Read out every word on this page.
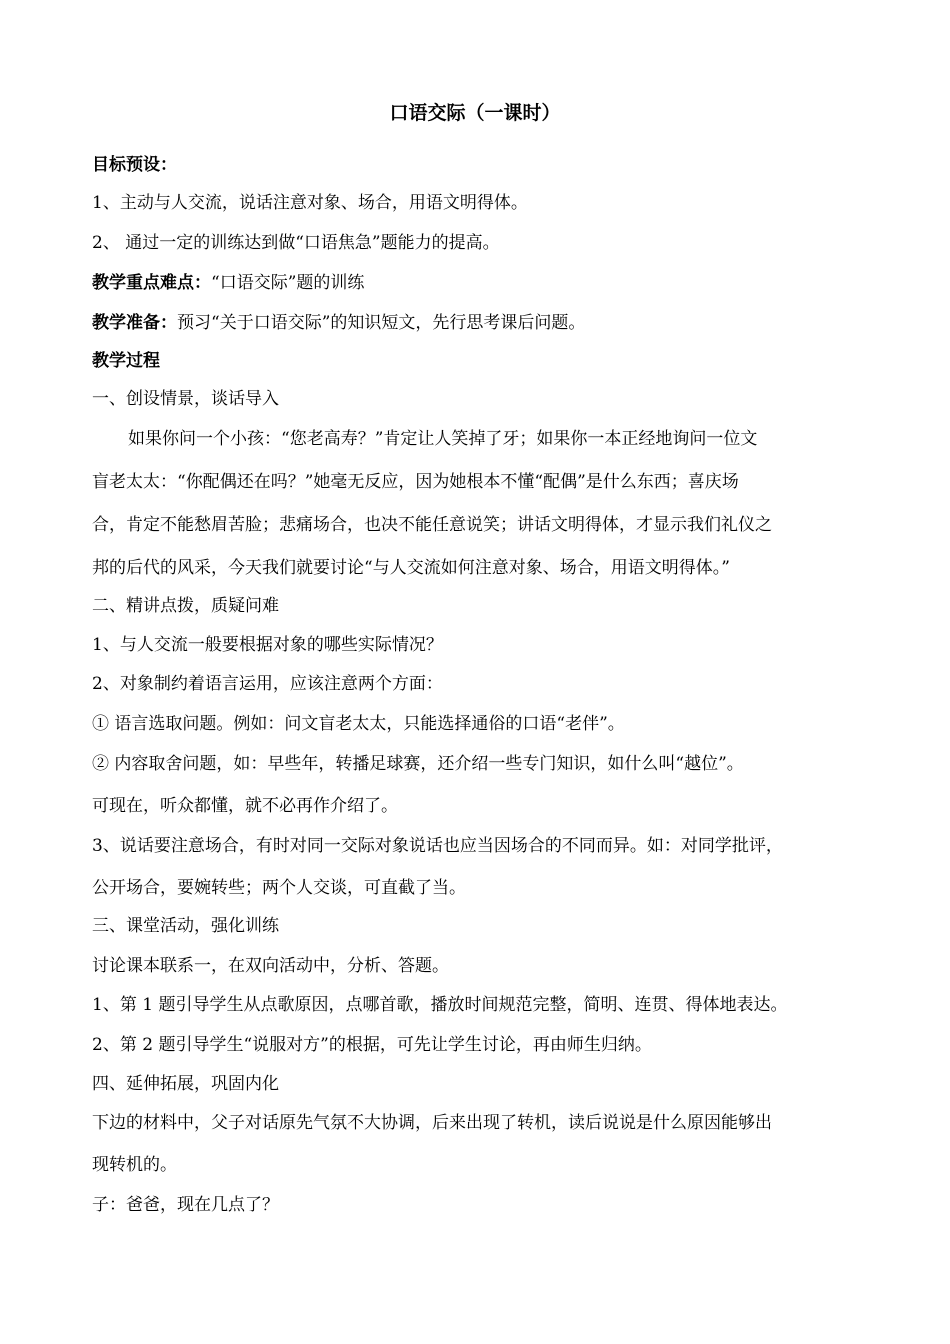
口语交际（一课时）
目标预设：
1、主动与人交流，说话注意对象、场合，用语文明得体。
2、 通过一定的训练达到做“口语焦急”题能力的提高。
教学重点难点：“口语交际”题的训练
教学准备：预习“关于口语交际”的知识短文，先行思考课后问题。
教学过程
一、创设情景，谈话导入
如果你问一个小孩：“您老高寿？”肯定让人笑掉了牙；如果你一本正经地询问一位文
盲老太太：“你配偶还在吗？”她毫无反应，因为她根本不懂“配偶”是什么东西；喜庆场
合，肯定不能愁眉苦脸；悲痛场合，也决不能任意说笑；讲话文明得体，才显示我们礼仪之
邦的后代的风采，今天我们就要讨论“与人交流如何注意对象、场合，用语文明得体。”
二、精讲点拨，质疑问难
1、与人交流一般要根据对象的哪些实际情况？
2、对象制约着语言运用，应该注意两个方面：
① 语言选取问题。例如：问文盲老太太，只能选择通俗的口语“老伴”。
② 内容取舍问题，如：早些年，转播足球赛，还介绍一些专门知识，如什么叫“越位”。
可现在，听众都懂，就不必再作介绍了。
3、说话要注意场合，有时对同一交际对象说话也应当因场合的不同而异。如：对同学批评，
公开场合，要婉转些；两个人交谈，可直截了当。
三、课堂活动，强化训练
讨论课本联系一，在双向活动中，分析、答题。
1、第 1 题引导学生从点歌原因，点哪首歌，播放时间规范完整，简明、连贯、得体地表达。
2、第 2 题引导学生“说服对方”的根据，可先让学生讨论，再由师生归纳。
四、延伸拓展，巩固内化
下边的材料中，父子对话原先气氛不大协调，后来出现了转机，读后说说是什么原因能够出
现转机的。
子：爸爸，现在几点了？
